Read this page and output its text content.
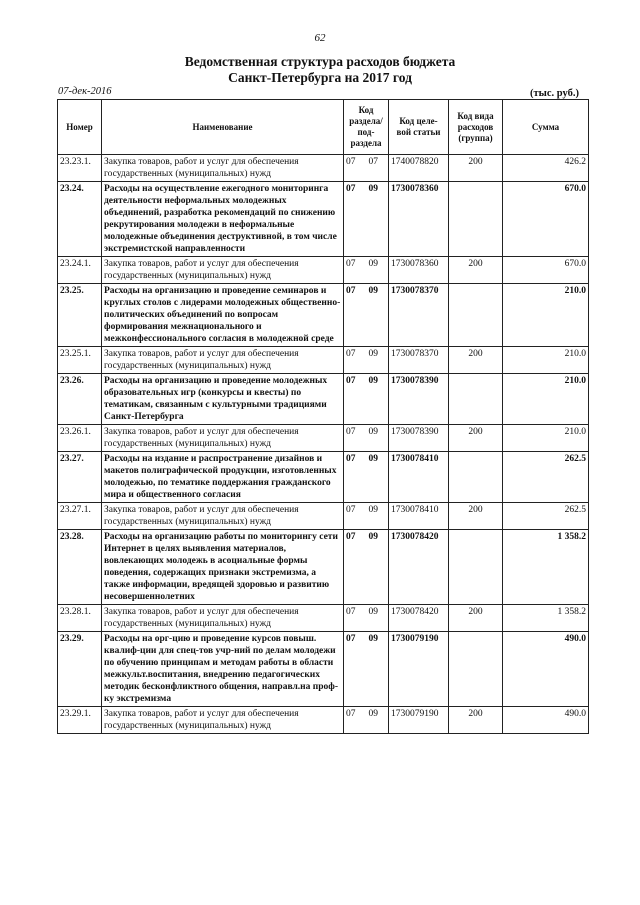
62
Ведомственная структура расходов бюджета
Санкт-Петербурга на 2017 год
07-дек-2016	(тыс. руб.)
Номер	Наименование	Код раздела/ под- раздела	Код целе- вой статьи	Код вида расходов (группа)	Сумма
23.23.1.	Закупка товаров, работ и услуг для обеспечения государственных (муниципальных) нужд	07 07	1740078820	200	426.2
23.24.	Расходы на осуществление ежегодного мониторинга деятельности неформальных молодежных объединений, разработка рекомендаций по снижению рекрутирования молодежи в неформальные молодежные объединения деструктивной, в том числе экстремистской направленности	07 09	1730078360		670.0
23.24.1.	Закупка товаров, работ и услуг для обеспечения государственных (муниципальных) нужд	07 09	1730078360	200	670.0
23.25.	Расходы на организацию и проведение семинаров и круглых столов с лидерами молодежных общественно-политических объединений по вопросам формирования межнационального и межконфессионального согласия в молодежной среде	07 09	1730078370		210.0
23.25.1.	Закупка товаров, работ и услуг для обеспечения государственных (муниципальных) нужд	07 09	1730078370	200	210.0
23.26.	Расходы на организацию и проведение молодежных образовательных игр (конкурсы и квесты) по тематикам, связанным с культурными традициями Санкт-Петербурга	07 09	1730078390		210.0
23.26.1.	Закупка товаров, работ и услуг для обеспечения государственных (муниципальных) нужд	07 09	1730078390	200	210.0
23.27.	Расходы на издание и распространение дизайнов и макетов полиграфической продукции, изготовленных молодежью, по тематике поддержания гражданского мира и общественного согласия	07 09	1730078410		262.5
23.27.1.	Закупка товаров, работ и услуг для обеспечения государственных (муниципальных) нужд	07 09	1730078410	200	262.5
23.28.	Расходы на организацию работы по мониторингу сети Интернет в целях выявления материалов, вовлекающих молодежь в асоциальные формы поведения, содержащих признаки экстремизма, а также информации, вредящей здоровью и развитию несовершеннолетних	07 09	1730078420		1 358.2
23.28.1.	Закупка товаров, работ и услуг для обеспечения государственных (муниципальных) нужд	07 09	1730078420	200	1 358.2
23.29.	Расходы на орг-цию и проведение курсов повыш. квалиф-ции для спец-тов учр-ний по делам молодежи по обучению принципам и методам работы в области межкульт.воспитания, внедрению педагогических методик бесконфликтного общения, направл.на проф-ку экстремизма	07 09	1730079190		490.0
23.29.1.	Закупка товаров, работ и услуг для обеспечения государственных (муниципальных) нужд	07 09	1730079190	200	490.0
